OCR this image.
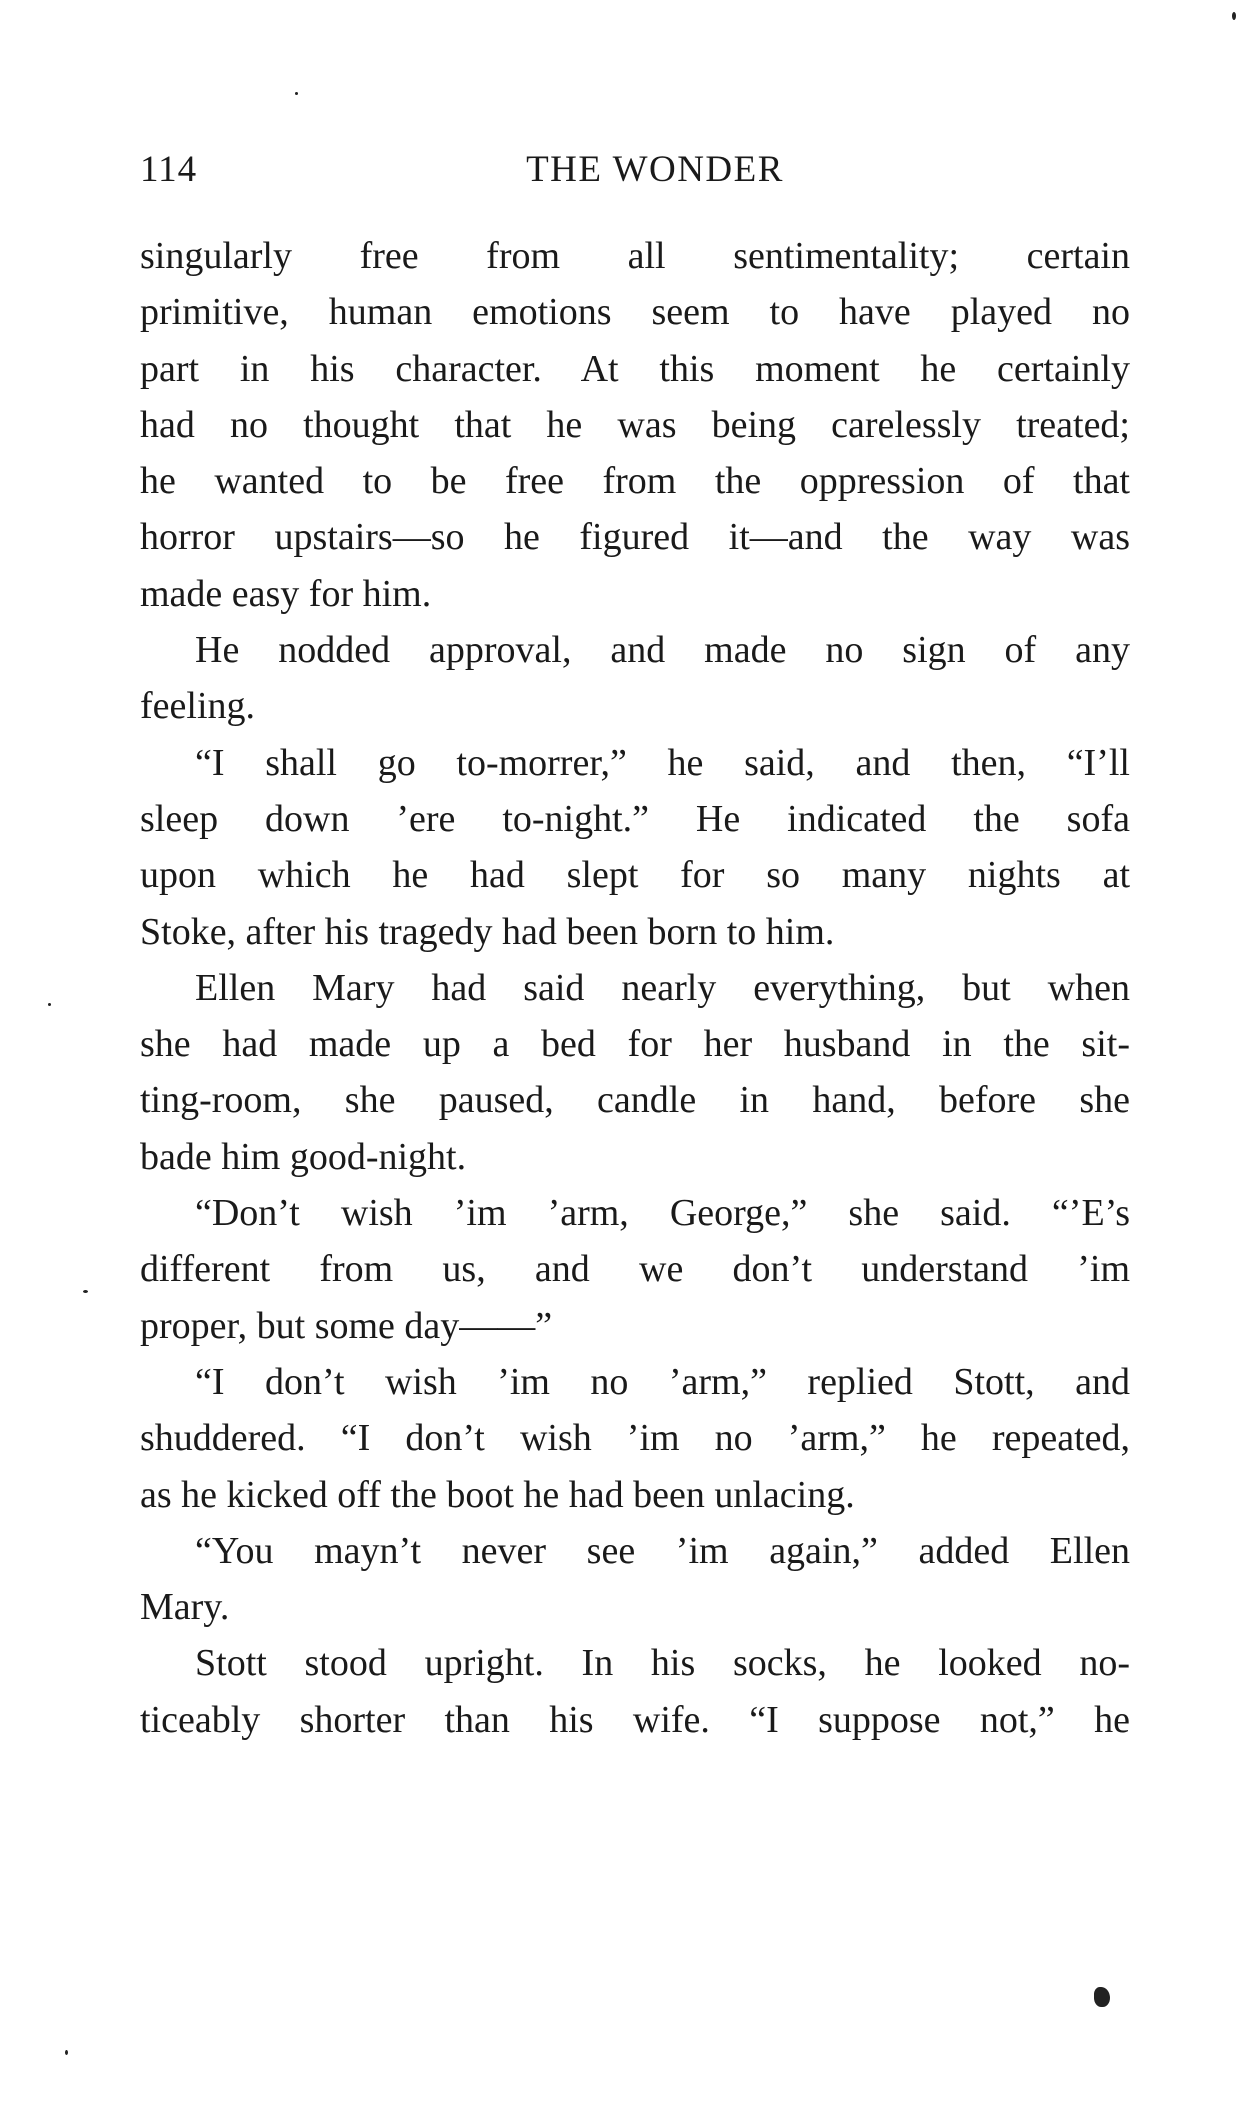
114	THE WONDER
singularly free from all sentimentality; certain
primitive, human emotions seem to have played no
part in his character. At this moment he certainly
had no thought that he was being carelessly treated;
he wanted to be free from the oppression of that
horror upstairs—so he figured it—and the way was
made easy for him.
He nodded approval, and made no sign of any
feeling.
“I shall go to-morrer,” he said, and then, “I’ll
sleep down ’ere to-night.” He indicated the sofa
upon which he had slept for so many nights at
Stoke, after his tragedy had been born to him.
Ellen Mary had said nearly everything, but when
she had made up a bed for her husband in the sit-
ting-room, she paused, candle in hand, before she
bade him good-night.
“Don’t wish ’im ’arm, George,” she said. “’E’s
different from us, and we don’t understand ’im
proper, but some day——”
“I don’t wish ’im no ’arm,” replied Stott, and
shuddered. “I don’t wish ’im no ’arm,” he repeated,
as he kicked off the boot he had been unlacing.
“You mayn’t never see ’im again,” added Ellen
Mary.
Stott stood upright. In his socks, he looked no-
ticeably shorter than his wife. “I suppose not,” he
